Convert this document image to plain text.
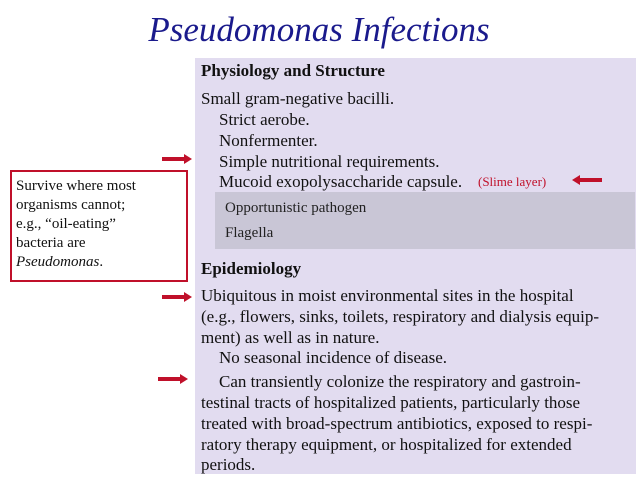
Pseudomonas Infections
Physiology and Structure
Small gram-negative bacilli.
Strict aerobe.
Nonfermenter.
Simple nutritional requirements.
Mucoid exopolysaccharide capsule. (Slime layer)
Opportunistic pathogen
Flagella
Epidemiology
Ubiquitous in moist environmental sites in the hospital
(e.g., flowers, sinks, toilets, respiratory and dialysis equip-
ment) as well as in nature.
No seasonal incidence of disease.
Can transiently colonize the respiratory and gastroin-
testinal tracts of hospitalized patients, particularly those
treated with broad-spectrum antibiotics, exposed to respi-
ratory therapy equipment, or hospitalized for extended
periods.
Survive where most
organisms cannot;
e.g., “oil-eating”
bacteria are
Pseudomonas.
